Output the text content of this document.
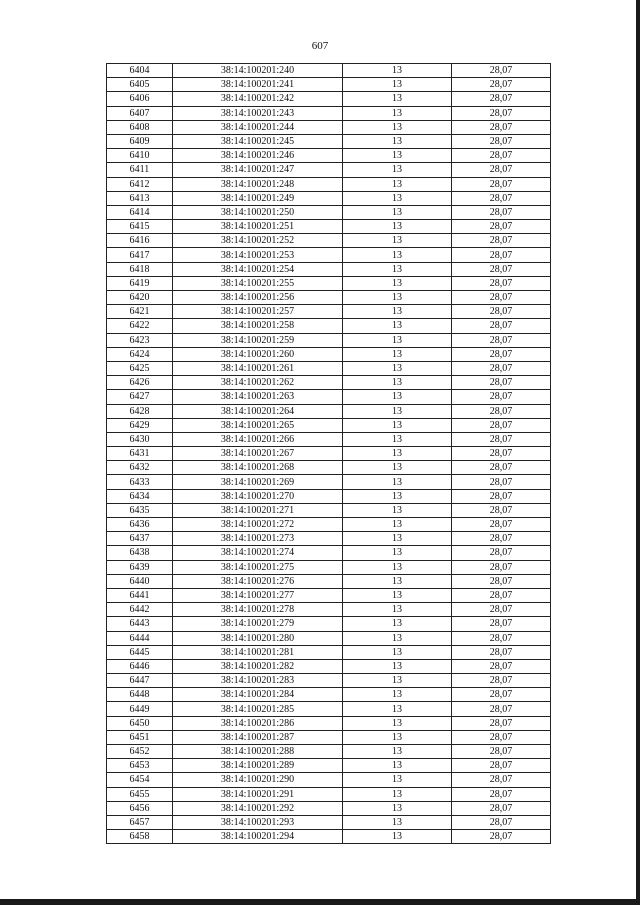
607
6404	38:14:100201:240	13	28,07
6405	38:14:100201:241	13	28,07
6406	38:14:100201:242	13	28,07
6407	38:14:100201:243	13	28,07
6408	38:14:100201:244	13	28,07
6409	38:14:100201:245	13	28,07
6410	38:14:100201:246	13	28,07
6411	38:14:100201:247	13	28,07
6412	38:14:100201:248	13	28,07
6413	38:14:100201:249	13	28,07
6414	38:14:100201:250	13	28,07
6415	38:14:100201:251	13	28,07
6416	38:14:100201:252	13	28,07
6417	38:14:100201:253	13	28,07
6418	38:14:100201:254	13	28,07
6419	38:14:100201:255	13	28,07
6420	38:14:100201:256	13	28,07
6421	38:14:100201:257	13	28,07
6422	38:14:100201:258	13	28,07
6423	38:14:100201:259	13	28,07
6424	38:14:100201:260	13	28,07
6425	38:14:100201:261	13	28,07
6426	38:14:100201:262	13	28,07
6427	38:14:100201:263	13	28,07
6428	38:14:100201:264	13	28,07
6429	38:14:100201:265	13	28,07
6430	38:14:100201:266	13	28,07
6431	38:14:100201:267	13	28,07
6432	38:14:100201:268	13	28,07
6433	38:14:100201:269	13	28,07
6434	38:14:100201:270	13	28,07
6435	38:14:100201:271	13	28,07
6436	38:14:100201:272	13	28,07
6437	38:14:100201:273	13	28,07
6438	38:14:100201:274	13	28,07
6439	38:14:100201:275	13	28,07
6440	38:14:100201:276	13	28,07
6441	38:14:100201:277	13	28,07
6442	38:14:100201:278	13	28,07
6443	38:14:100201:279	13	28,07
6444	38:14:100201:280	13	28,07
6445	38:14:100201:281	13	28,07
6446	38:14:100201:282	13	28,07
6447	38:14:100201:283	13	28,07
6448	38:14:100201:284	13	28,07
6449	38:14:100201:285	13	28,07
6450	38:14:100201:286	13	28,07
6451	38:14:100201:287	13	28,07
6452	38:14:100201:288	13	28,07
6453	38:14:100201:289	13	28,07
6454	38:14:100201:290	13	28,07
6455	38:14:100201:291	13	28,07
6456	38:14:100201:292	13	28,07
6457	38:14:100201:293	13	28,07
6458	38:14:100201:294	13	28,07
